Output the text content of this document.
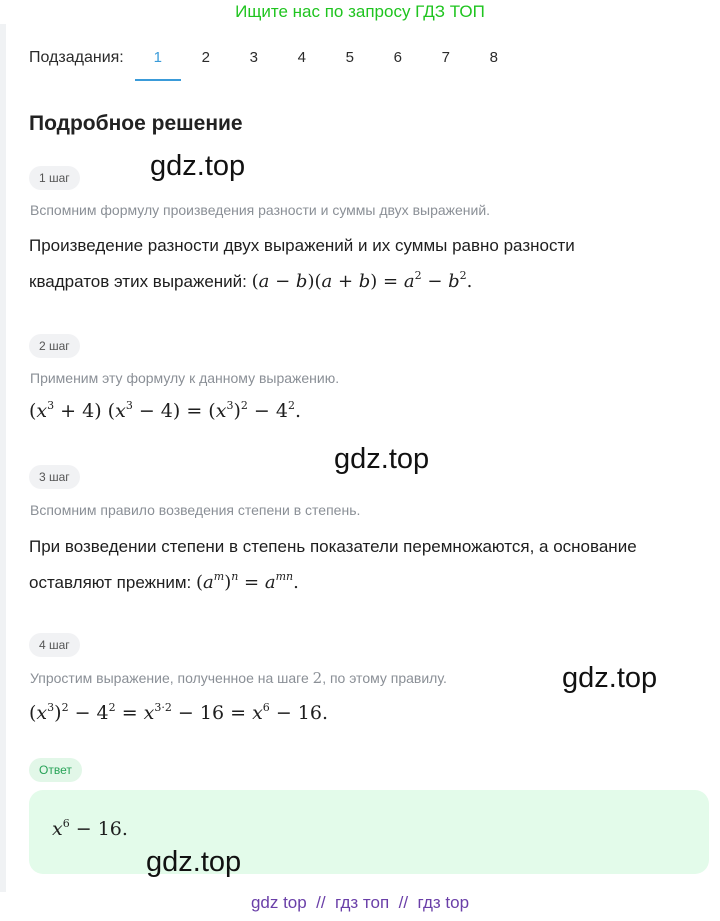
Ищите нас по запросу ГДЗ ТОП
Подзадания:	1	2	3	4	5	6	7	8
Подробное решение
1 шаг
Вспомним формулу произведения разности и суммы двух выражений.
Произведение разности двух выражений и их суммы равно разности
квадратов этих выражений: $(a - b)(a + b) = a^2 - b^2$.
2 шаг
Применим эту формулу к данному выражению.
$(x^3 + 4) (x^3 - 4) = (x^3)^2 - 4^2$.
3 шаг
Вспомним правило возведения степени в степень.
При возведении степени в степень показатели перемножаются, а основание
оставляют прежним: $(a^m)^n = a^{mn}$.
4 шаг
Упростим выражение, полученное на шаге 2, по этому правилу.
$(x^3)^2 - 4^2 = x^{3\cdot 2} - 16 = x^6 - 16$.
Ответ
$x^6 - 16$.
gdz.top
gdz.top
gdz.top
gdz.top
gdz top  //  гдз топ  //  гдз top
